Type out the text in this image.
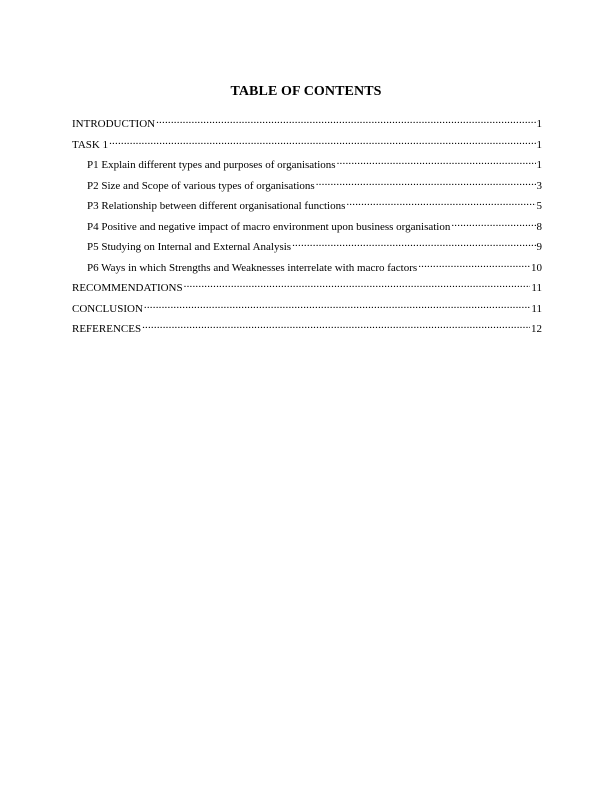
TABLE OF CONTENTS
INTRODUCTION .....	1
TASK 1 .....	1
P1 Explain different types and purposes of organisations .....	1
P2 Size and Scope of various types of organisations .....	3
P3 Relationship between different organisational functions .....	5
P4 Positive and negative impact of macro environment upon business organisation .....	8
P5 Studying on Internal and External Analysis .....	9
P6 Ways in which Strengths and Weaknesses interrelate with macro factors .....	10
RECOMMENDATIONS .....	11
CONCLUSION .....	11
REFERENCES .....	12
